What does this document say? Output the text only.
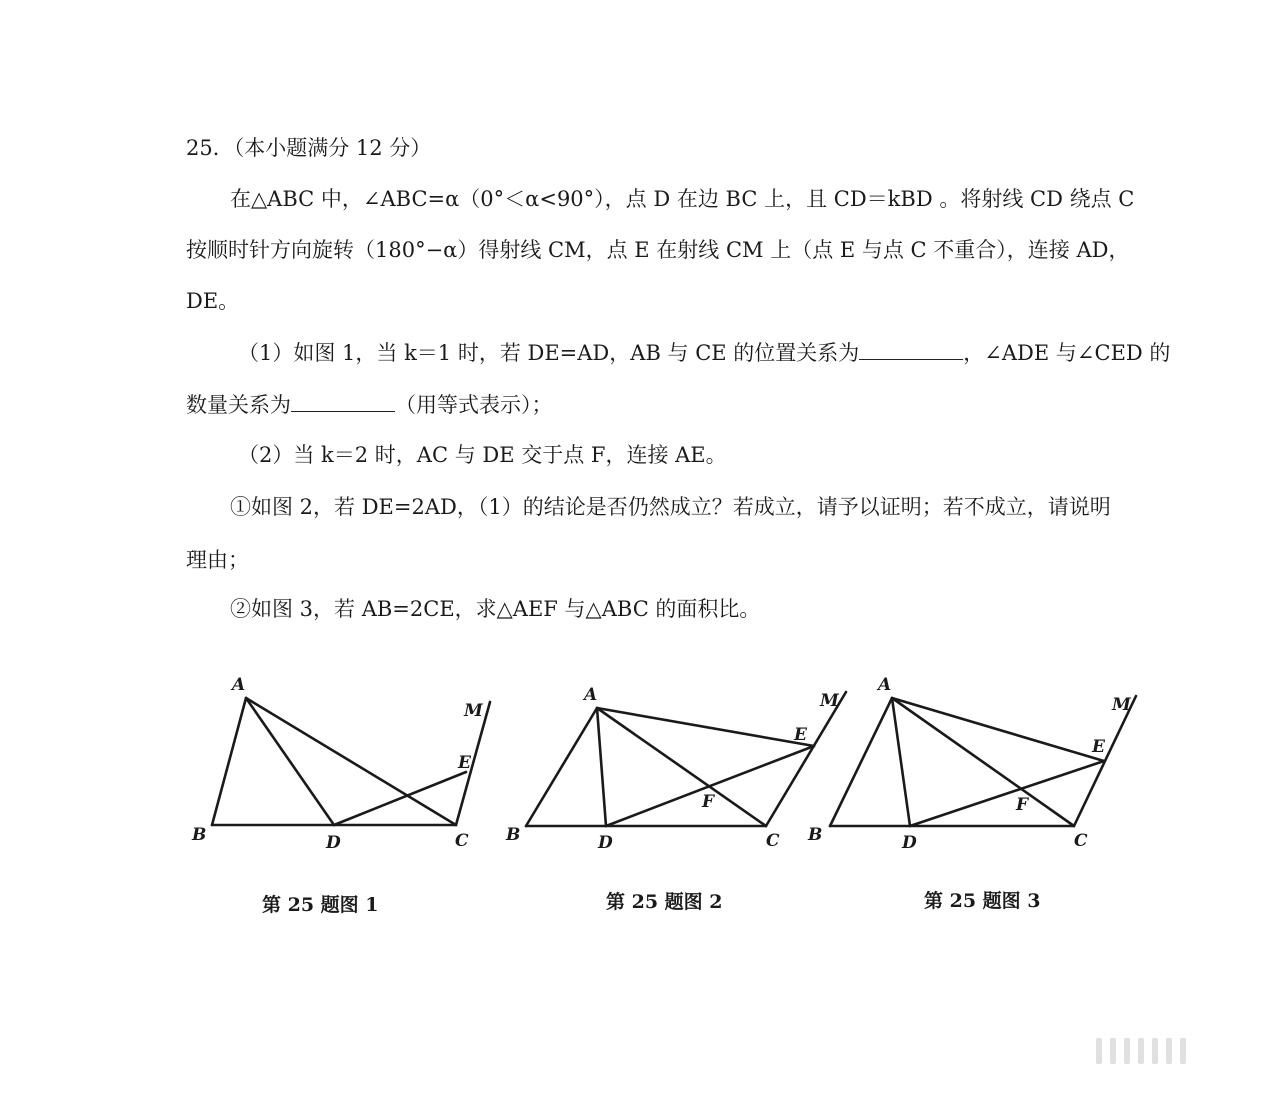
25．（本小题满分 12 分）
在△ABC 中，∠ABC=α（0°＜α<90°），点 D 在边 BC 上，且 CD＝kBD 。将射线 CD 绕点 C
按顺时针方向旋转（180°−α）得射线 CM，点 E 在射线 CM 上（点 E 与点 C 不重合），连接 AD，
DE。
（1）如图 1，当 k＝1 时，若 DE=AD，AB 与 CE 的位置关系为	，∠ADE 与∠CED 的
数量关系为	（用等式表示）；
（2）当 k＝2 时，AC 与 DE 交于点 F，连接 AE。
①如图 2，若 DE=2AD，（1）的结论是否仍然成立？若成立，请予以证明；若不成立，请说明
理由；
②如图 3，若 AB=2CE，求△AEF 与△ABC 的面积比。
A
B	D	C
E
M
第 25 题图 1
A
B	D	C
E
F
M
第 25 题图 2
A
B	D	C
E
F
M
第 25 题图 3
